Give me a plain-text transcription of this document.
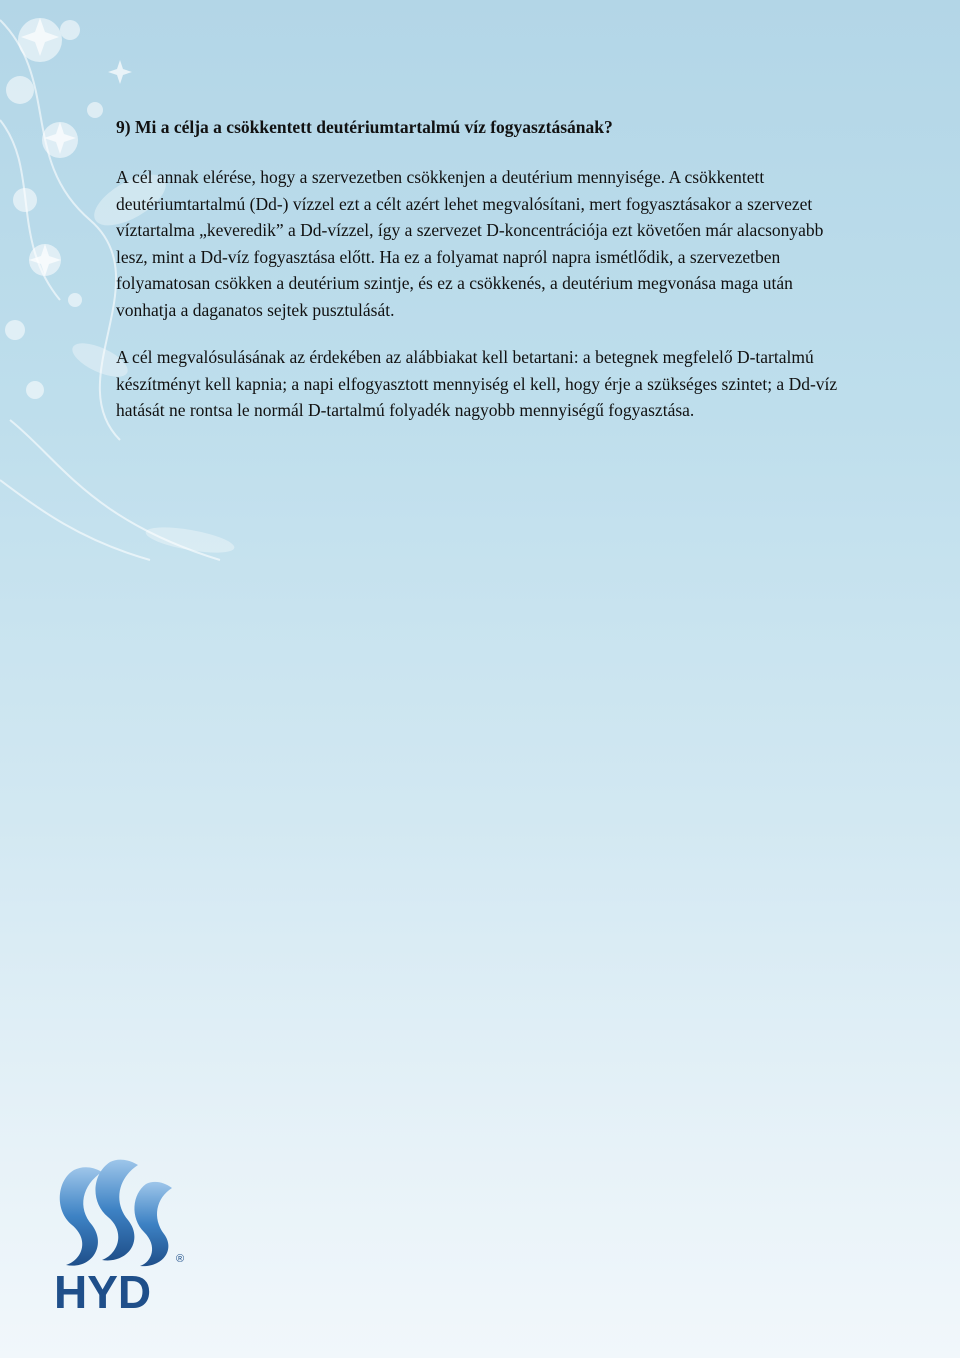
9) Mi a célja a csökkentett deutériumtartalmú víz fogyasztásának?

A cél annak elérése, hogy a szervezetben csökkenjen a deutérium mennyisége. A csökkentett deutériumtartalmú (Dd-) vízzel ezt a célt azért lehet megvalósítani, mert fogyasztásakor a szervezet víztartalma „keveredik” a Dd-vízzel, így a szervezet D-koncentrációja ezt követően már alacsonyabb lesz, mint a Dd-víz fogyasztása előtt. Ha ez a folyamat napról napra ismétlődik, a szervezetben folyamatosan csökken a deutérium szintje, és ez a csökkenés, a deutérium megvonása maga után vonhatja a daganatos sejtek pusztulását.

A cél megvalósulásának az érdekében az alábbiakat kell betartani: a betegnek megfelelő D-tartalmú készítményt kell kapnia; a napi elfogyasztott mennyiség el kell, hogy érje a szükséges szintet; a Dd-víz hatását ne rontsa le normál D-tartalmú folyadék nagyobb mennyiségű fogyasztása.

HYD
®
